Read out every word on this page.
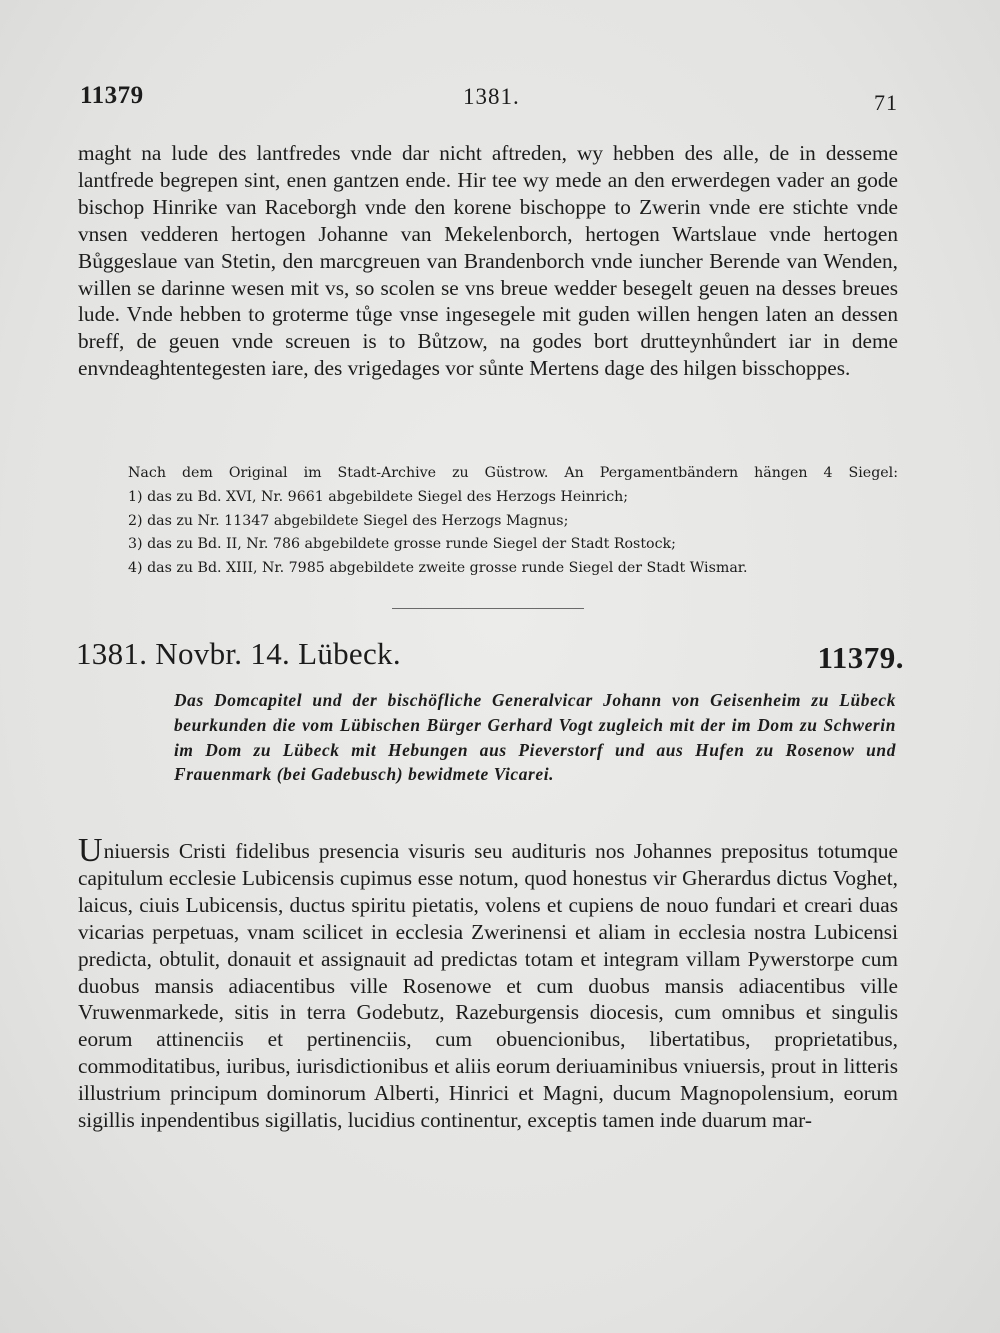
11379	1381.	71

maght na lude des lantfredes vnde dar nicht aftreden, wy hebben des alle, de in desseme lantfrede begrepen sint, enen gantzen ende. Hir tee wy mede an den erwerdegen vader an gode bischop Hinrike van Raceborgh vnde den korene bischoppe to Zwerin vnde ere stichte vnde vnsen vedderen hertogen Johanne van Mekelenborch, hertogen Wartslaue vnde hertogen Bůggeslaue van Stetin, den marcgreuen van Brandenborch vnde iuncher Berende van Wenden, willen se darinne wesen mit vs, so scolen se vns breue wedder besegelt geuen na desses breues lude. Vnde hebben to groterme tůge vnse ingesegele mit guden willen hengen laten an dessen breff, de geuen vnde screuen is to Bůtzow, na godes bort drutteynhůndert iar in deme envndeaghtentegesten iare, des vrigedages vor sůnte Mertens dage des hilgen bisschoppes.

Nach dem Original im Stadt-Archive zu Güstrow. An Pergamentbändern hängen 4 Siegel:
1) das zu Bd. XVI, Nr. 9661 abgebildete Siegel des Herzogs Heinrich;
2) das zu Nr. 11347 abgebildete Siegel des Herzogs Magnus;
3) das zu Bd. II, Nr. 786 abgebildete grosse runde Siegel der Stadt Rostock;
4) das zu Bd. XIII, Nr. 7985 abgebildete zweite grosse runde Siegel der Stadt Wismar.
1381. Novbr. 14. Lübeck.	11379.
Das Domcapitel und der bischöfliche Generalvicar Johann von Geisenheim zu Lübeck beurkunden die vom Lübischen Bürger Gerhard Vogt zugleich mit der im Dom zu Schwerin im Dom zu Lübeck mit Hebungen aus Pieverstorf und aus Hufen zu Rosenow und Frauenmark (bei Gadebusch) bewidmete Vicarei.

Uniuersis Cristi fidelibus presencia visuris seu audituris nos Johannes prepositus totumque capitulum ecclesie Lubicensis cupimus esse notum, quod honestus vir Gherardus dictus Voghet, laicus, ciuis Lubicensis, ductus spiritu pietatis, volens et cupiens de nouo fundari et creari duas vicarias perpetuas, vnam scilicet in ecclesia Zwerinensi et aliam in ecclesia nostra Lubicensi predicta, obtulit, donauit et assignauit ad predictas totam et integram villam Pywerstorpe cum duobus mansis adiacentibus ville Rosenowe et cum duobus mansis adiacentibus ville Vruwenmarkede, sitis in terra Godebutz, Razeburgensis diocesis, cum omnibus et singulis eorum attinenciis et pertinenciis, cum obuencionibus, libertatibus, proprietatibus, commoditatibus, iuribus, iurisdictionibus et aliis eorum deriuaminibus vniuersis, prout in litteris illustrium principum dominorum Alberti, Hinrici et Magni, ducum Magnopolensium, eorum sigillis inpendentibus sigillatis, lucidius continentur, exceptis tamen inde duarum mar-
